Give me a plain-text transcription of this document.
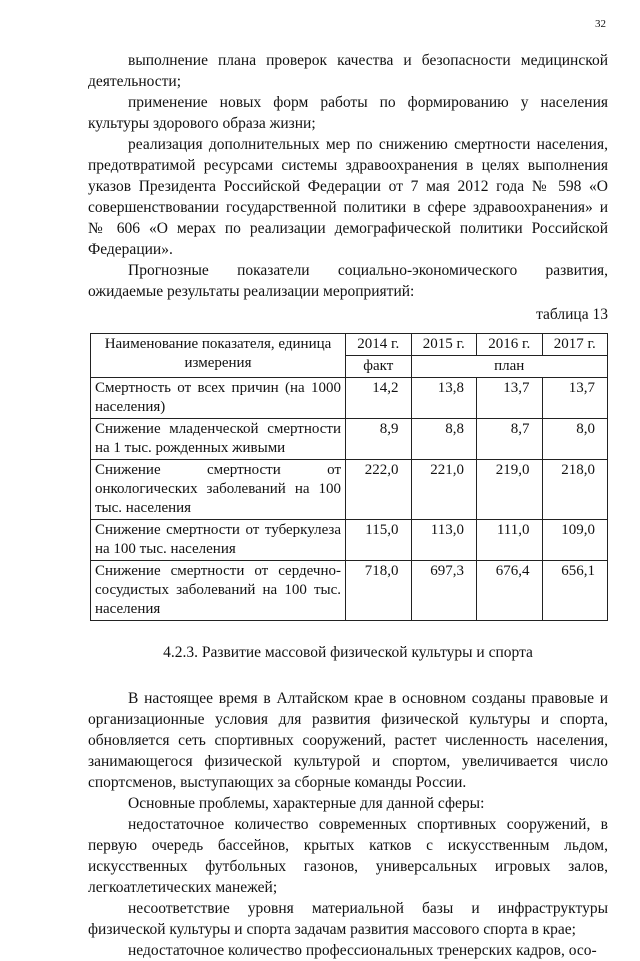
32

выполнение плана проверок качества и безопасности медицинской деятельности;

применение новых форм работы по формированию у населения культуры здорового образа жизни;

реализация дополнительных мер по снижению смертности населения, предотвратимой ресурсами системы здравоохранения в целях выполнения указов Президента Российской Федерации от 7 мая 2012 года № 598 «О совершенствовании государственной политики в сфере здравоохранения» и № 606 «О мерах по реализации демографической политики Российской Федерации».

Прогнозные показатели социально-экономического развития, ожидаемые результаты реализации мероприятий:

таблица 13
Наименование показателя, единица измерения	2014 г.	2015 г.	2016 г.	2017 г.
	факт	план		
Смертность от всех причин (на 1000 населения)	14,2	13,8	13,7	13,7
Снижение младенческой смертности на 1 тыс. рожденных живыми	8,9	8,8	8,7	8,0
Снижение смертности от онкологических заболеваний на 100 тыс. населения	222,0	221,0	219,0	218,0
Снижение смертности от туберкулеза на 100 тыс. населения	115,0	113,0	111,0	109,0
Снижение смертности от сердечно-сосудистых заболеваний на 100 тыс. населения	718,0	697,3	676,4	656,1

4.2.3. Развитие массовой физической культуры и спорта

В настоящее время в Алтайском крае в основном созданы правовые и организационные условия для развития физической культуры и спорта, обновляется сеть спортивных сооружений, растет численность населения, занимающегося физической культурой и спортом, увеличивается число спортсменов, выступающих за сборные команды России.

Основные проблемы, характерные для данной сферы:

недостаточное количество современных спортивных сооружений, в первую очередь бассейнов, крытых катков с искусственным льдом, искусственных футбольных газонов, универсальных игровых залов, легкоатлетических манежей;

несоответствие уровня материальной базы и инфраструктуры физической культуры и спорта задачам развития массового спорта в крае;

недостаточное количество профессиональных тренерских кадров, осо-
